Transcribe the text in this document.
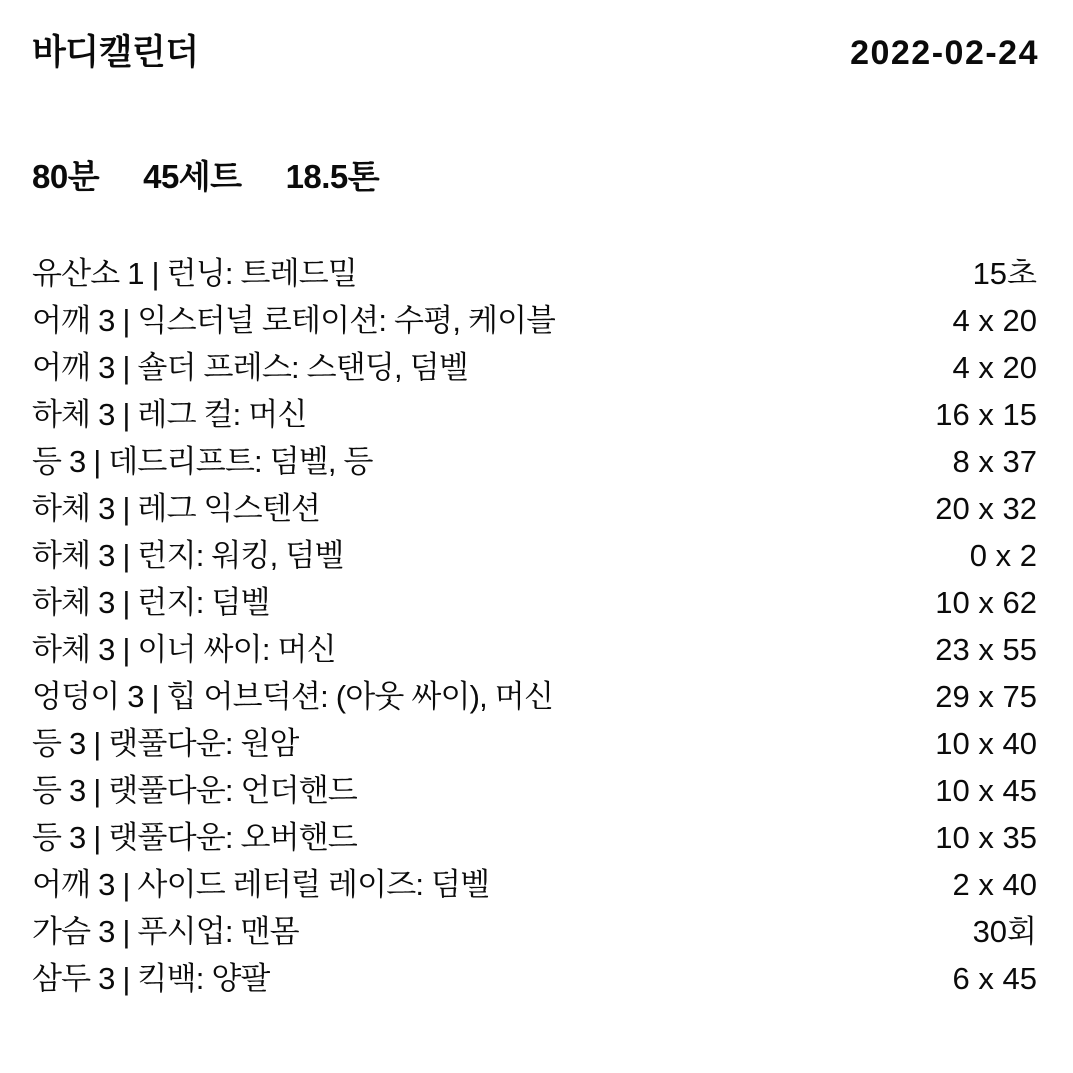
바디캘린더	2022-02-24
80분 45세트 18.5톤
유산소 1 | 런닝: 트레드밀	15초
어깨 3 | 익스터널 로테이션: 수평, 케이블	4 x 20
어깨 3 | 숄더 프레스: 스탠딩, 덤벨	4 x 20
하체 3 | 레그 컬: 머신	16 x 15
등 3 | 데드리프트: 덤벨, 등	8 x 37
하체 3 | 레그 익스텐션	20 x 32
하체 3 | 런지: 워킹, 덤벨	0 x 2
하체 3 | 런지: 덤벨	10 x 62
하체 3 | 이너 싸이: 머신	23 x 55
엉덩이 3 | 힙 어브덕션: (아웃 싸이), 머신	29 x 75
등 3 | 랫풀다운: 원암	10 x 40
등 3 | 랫풀다운: 언더핸드	10 x 45
등 3 | 랫풀다운: 오버핸드	10 x 35
어깨 3 | 사이드 레터럴 레이즈: 덤벨	2 x 40
가슴 3 | 푸시업: 맨몸	30회
삼두 3 | 킥백: 양팔	6 x 45
